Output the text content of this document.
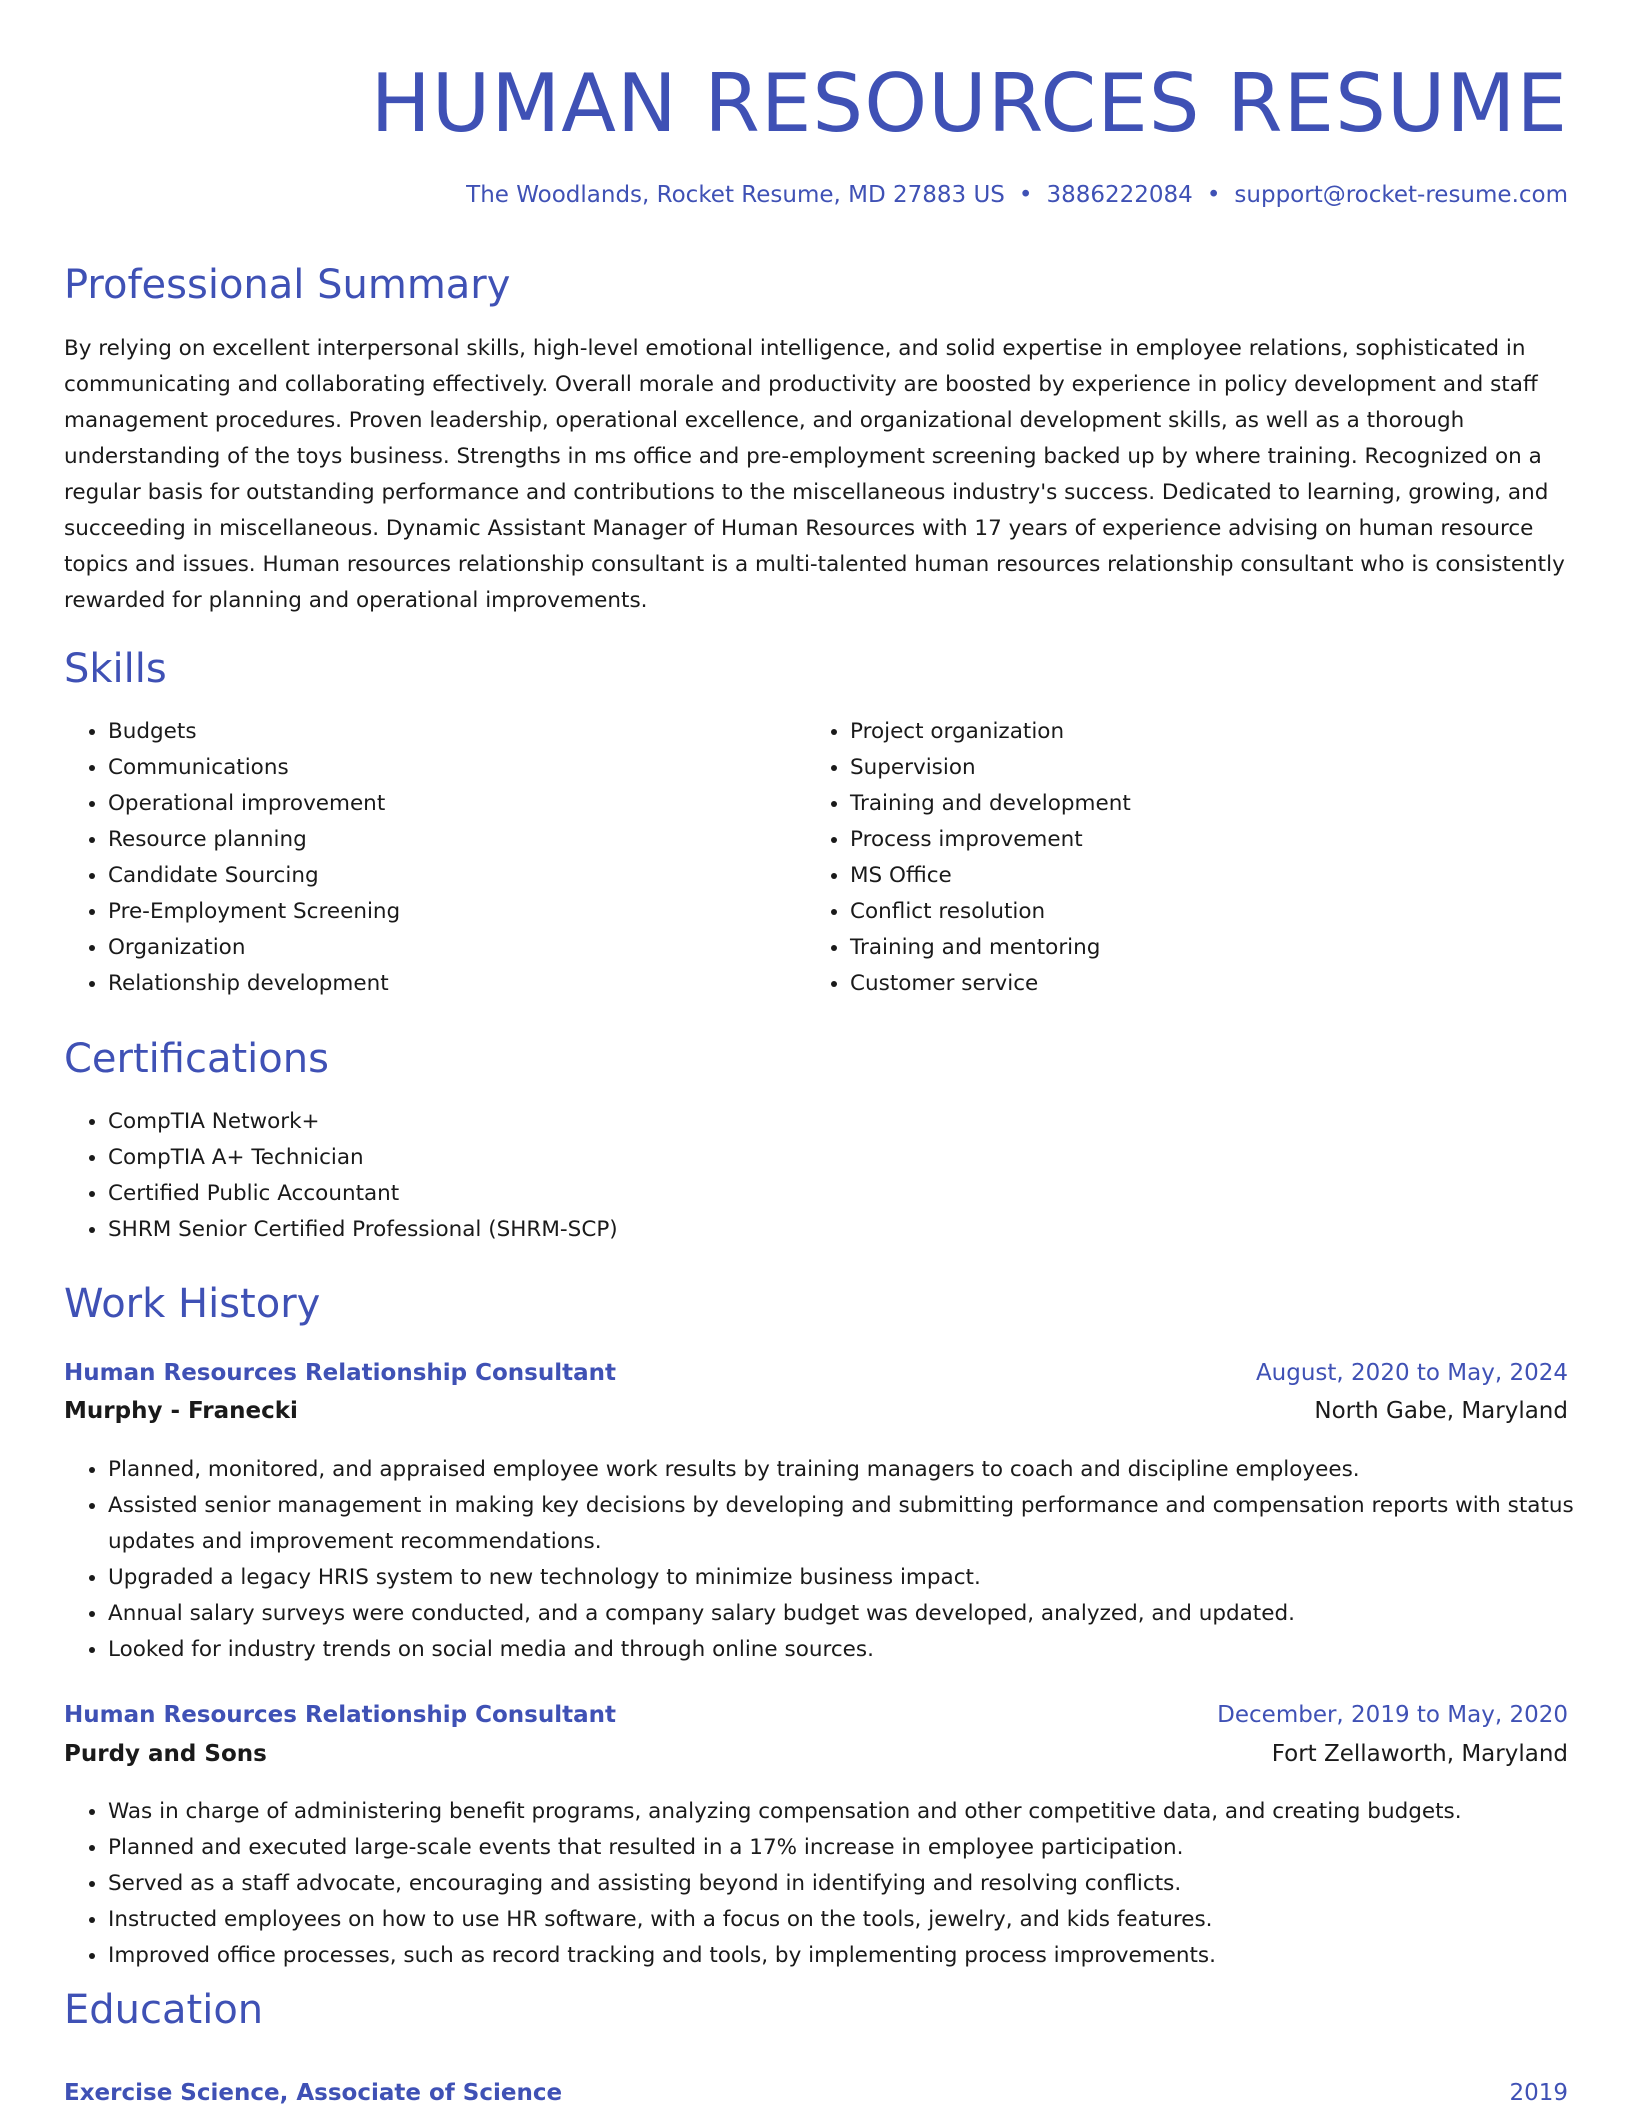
HUMAN RESOURCES RESUME
The Woodlands, Rocket Resume, MD 27883 US • 3886222084 • support@rocket-resume.com
Professional Summary

By relying on excellent interpersonal skills, high-level emotional intelligence, and solid expertise in employee relations, sophisticated in communicating and collaborating effectively. Overall morale and productivity are boosted by experience in policy development and staff management procedures. Proven leadership, operational excellence, and organizational development skills, as well as a thorough understanding of the toys business. Strengths in ms office and pre-employment screening backed up by where training. Recognized on a regular basis for outstanding performance and contributions to the miscellaneous industry's success. Dedicated to learning, growing, and succeeding in miscellaneous. Dynamic Assistant Manager of Human Resources with 17 years of experience advising on human resource topics and issues. Human resources relationship consultant is a multi-talented human resources relationship consultant who is consistently rewarded for planning and operational improvements.

Skills
• Budgets
• Communications
• Operational improvement
• Resource planning
• Candidate Sourcing
• Pre-Employment Screening
• Organization
• Relationship development
• Project organization
• Supervision
• Training and development
• Process improvement
• MS Office
• Conflict resolution
• Training and mentoring
• Customer service
Certifications
• CompTIA Network+
• CompTIA A+ Technician
• Certified Public Accountant
• SHRM Senior Certified Professional (SHRM-SCP)
Work History
Human Resources Relationship Consultant	August, 2020 to May, 2024
Murphy - Franecki	North Gabe, Maryland
• Planned, monitored, and appraised employee work results by training managers to coach and discipline employees.
• Assisted senior management in making key decisions by developing and submitting performance and compensation reports with status updates and improvement recommendations.
• Upgraded a legacy HRIS system to new technology to minimize business impact.
• Annual salary surveys were conducted, and a company salary budget was developed, analyzed, and updated.
• Looked for industry trends on social media and through online sources.
Human Resources Relationship Consultant	December, 2019 to May, 2020
Purdy and Sons	Fort Zellaworth, Maryland
• Was in charge of administering benefit programs, analyzing compensation and other competitive data, and creating budgets.
• Planned and executed large-scale events that resulted in a 17% increase in employee participation.
• Served as a staff advocate, encouraging and assisting beyond in identifying and resolving conflicts.
• Instructed employees on how to use HR software, with a focus on the tools, jewelry, and kids features.
• Improved office processes, such as record tracking and tools, by implementing process improvements.
Education
Exercise Science, Associate of Science	2019
